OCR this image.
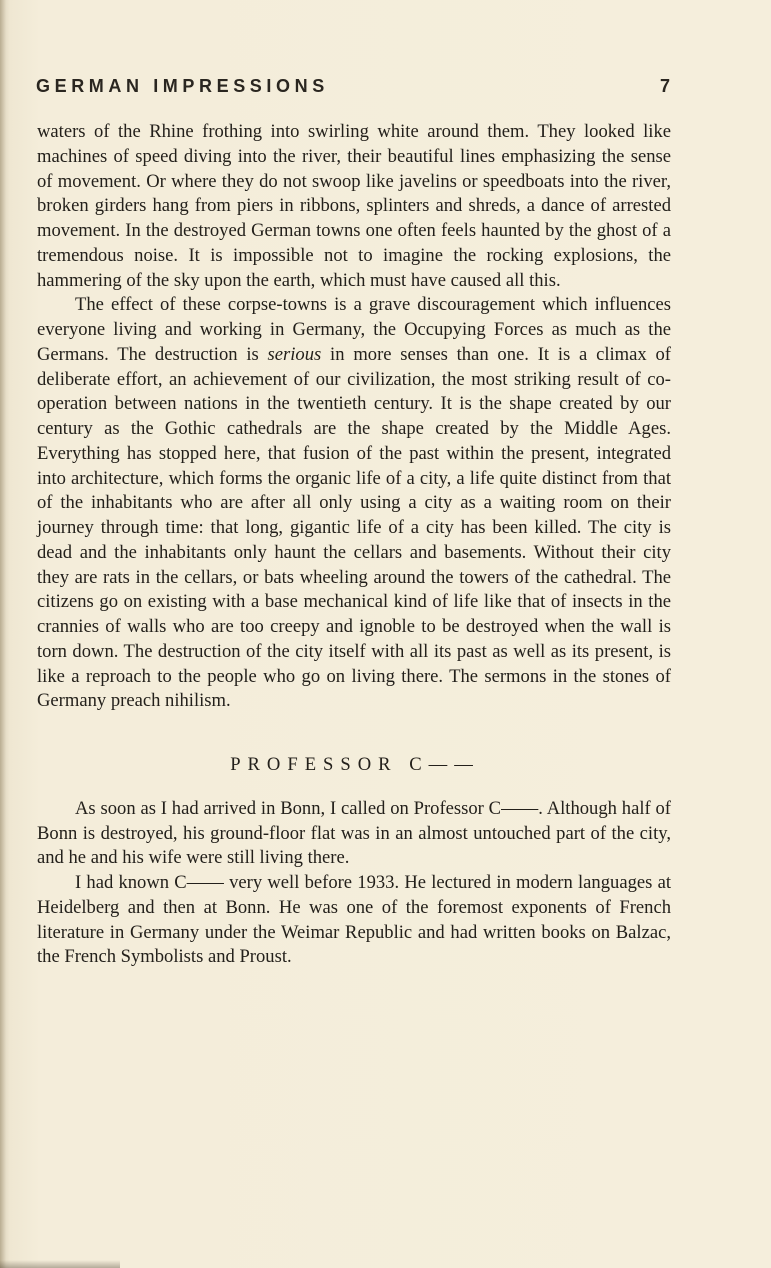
GERMAN IMPRESSIONS	7

waters of the Rhine frothing into swirling white around them. They looked like machines of speed diving into the river, their beautiful lines emphasizing the sense of movement. Or where they do not swoop like javelins or speedboats into the river, broken girders hang from piers in ribbons, splinters and shreds, a dance of arrested movement. In the destroyed German towns one often feels haunted by the ghost of a tremendous noise. It is impossible not to imagine the rocking explosions, the hammering of the sky upon the earth, which must have caused all this.

The effect of these corpse-towns is a grave discouragement which influences everyone living and working in Germany, the Occupying Forces as much as the Germans. The destruction is serious in more senses than one. It is a climax of deliberate effort, an achievement of our civilization, the most striking result of co-operation between nations in the twentieth century. It is the shape created by our century as the Gothic cathedrals are the shape created by the Middle Ages. Everything has stopped here, that fusion of the past within the present, integrated into architecture, which forms the organic life of a city, a life quite distinct from that of the inhabitants who are after all only using a city as a waiting room on their journey through time: that long, gigantic life of a city has been killed. The city is dead and the inhabitants only haunt the cellars and basements. Without their city they are rats in the cellars, or bats wheeling around the towers of the cathedral. The citizens go on existing with a base mechanical kind of life like that of insects in the crannies of walls who are too creepy and ignoble to be destroyed when the wall is torn down. The destruction of the city itself with all its past as well as its present, is like a reproach to the people who go on living there. The sermons in the stones of Germany preach nihilism.

PROFESSOR C——

As soon as I had arrived in Bonn, I called on Professor C——. Although half of Bonn is destroyed, his ground-floor flat was in an almost untouched part of the city, and he and his wife were still living there.

I had known C—— very well before 1933. He lectured in modern languages at Heidelberg and then at Bonn. He was one of the foremost exponents of French literature in Germany under the Weimar Republic and had written books on Balzac, the French Symbolists and Proust.
